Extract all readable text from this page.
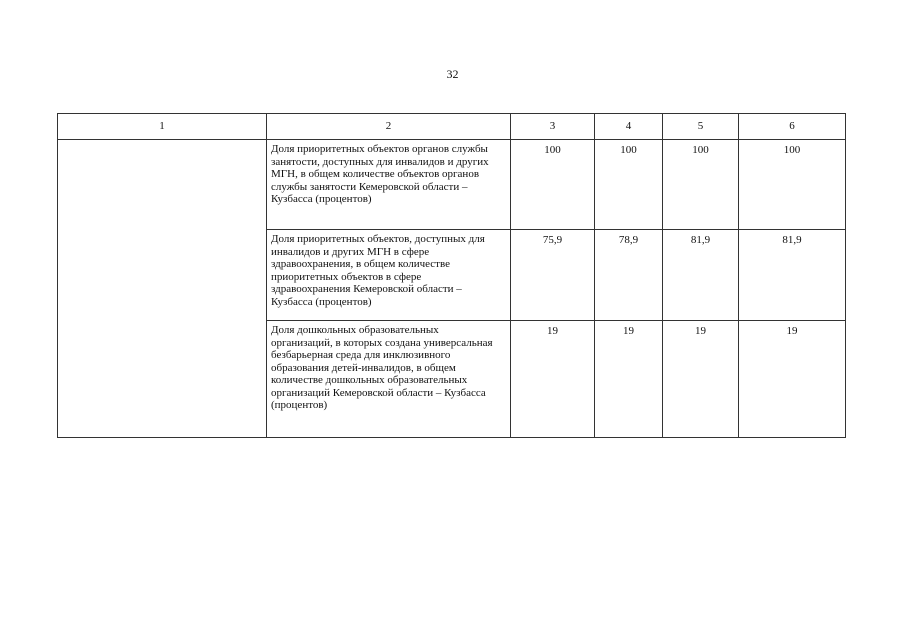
32
1	2	3	4	5	6
	Доля приоритетных объектов органов службы занятости, доступных для инвалидов и других МГН, в общем количестве объектов органов службы занятости Кемеровской области – Кузбасса (процентов)	100	100	100	100
	Доля приоритетных объектов, доступных для инвалидов и других МГН в сфере здравоохранения, в общем количестве приоритетных объектов в сфере здравоохранения Кемеровской области – Кузбасса (процентов)	75,9	78,9	81,9	81,9
	Доля дошкольных образовательных организаций, в которых создана универсальная безбарьерная среда для инклюзивного образования детей-инвалидов, в общем количестве дошкольных образовательных организаций Кемеровской области – Кузбасса (процентов)	19	19	19	19
